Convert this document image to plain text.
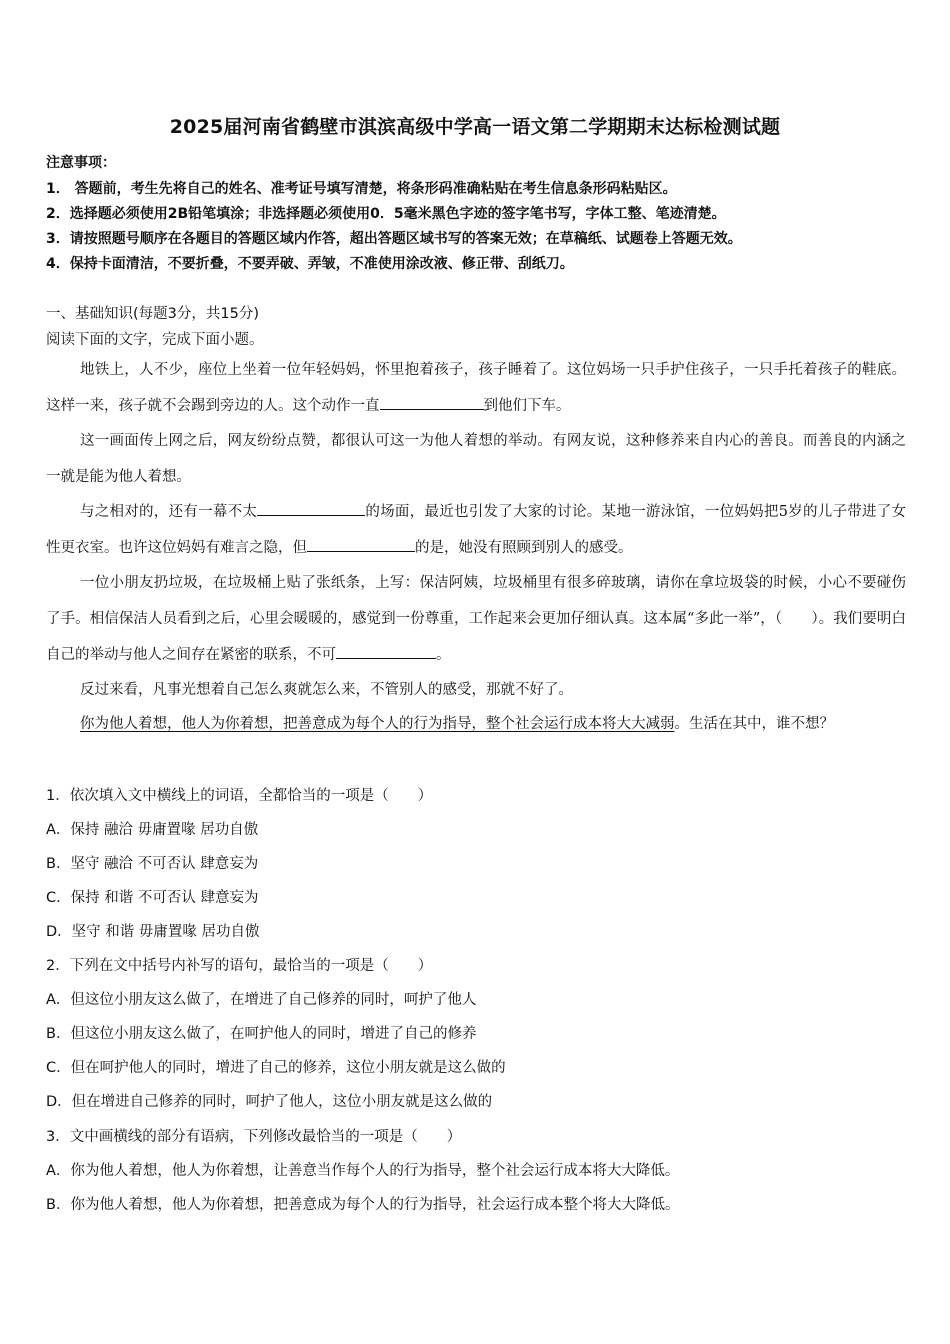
2025届河南省鹤壁市淇滨高级中学高一语文第二学期期末达标检测试题
注意事项：
1． 答题前，考生先将自己的姓名、准考证号填写清楚，将条形码准确粘贴在考生信息条形码粘贴区。
2．选择题必须使用2B铅笔填涂；非选择题必须使用0．5毫米黑色字迹的签字笔书写，字体工整、笔迹清楚。
3．请按照题号顺序在各题目的答题区域内作答，超出答题区域书写的答案无效；在草稿纸、试题卷上答题无效。
4．保持卡面清洁，不要折叠，不要弄破、弄皱，不准使用涂改液、修正带、刮纸刀。
一、基础知识(每题3分，共15分)
阅读下面的文字，完成下面小题。
地铁上，人不少，座位上坐着一位年轻妈妈，怀里抱着孩子，孩子睡着了。这位妈场一只手护住孩子，一只手托着孩子的鞋底。这样一来，孩子就不会踢到旁边的人。这个动作一直	到他们下车。
这一画面传上网之后，网友纷纷点赞，都很认可这一为他人着想的举动。有网友说，这种修养来自内心的善良。而善良的内涵之一就是能为他人着想。
与之相对的，还有一幕不太	的场面，最近也引发了大家的讨论。某地一游泳馆，一位妈妈把5岁的儿子带进了女性更衣室。也许这位妈妈有难言之隐，但	的是，她没有照顾到别人的感受。
一位小朋友扔垃圾，在垃圾桶上贴了张纸条，上写：保洁阿姨，垃圾桶里有很多碎玻璃，请你在拿垃圾袋的时候，小心不要碰伤了手。相信保洁人员看到之后，心里会暖暖的，感觉到一份尊重，工作起来会更加仔细认真。这本属“多此一举”，（　　）。我们要明白自己的举动与他人之间存在紧密的联系，不可	。
反过来看，凡事光想着自己怎么爽就怎么来，不管别人的感受，那就不好了。
你为他人着想，他人为你着想，把善意成为每个人的行为指导，整个社会运行成本将大大减弱。生活在其中，谁不想？
1．依次填入文中横线上的词语，全都恰当的一项是（　　）
A．保持 融洽 毋庸置喙 居功自傲
B．坚守 融洽 不可否认 肆意妄为
C．保持 和谐 不可否认 肆意妄为
D．坚守 和谐 毋庸置喙 居功自傲
2．下列在文中括号内补写的语句，最恰当的一项是（　　）
A．但这位小朋友这么做了，在增进了自己修养的同时，呵护了他人
B．但这位小朋友这么做了，在呵护他人的同时，增进了自己的修养
C．但在呵护他人的同时，增进了自己的修养，这位小朋友就是这么做的
D．但在增进自己修养的同时，呵护了他人，这位小朋友就是这么做的
3．文中画横线的部分有语病，下列修改最恰当的一项是（　　）
A．你为他人着想，他人为你着想，让善意当作每个人的行为指导，整个社会运行成本将大大降低。
B．你为他人着想，他人为你着想，把善意成为每个人的行为指导，社会运行成本整个将大大降低。
